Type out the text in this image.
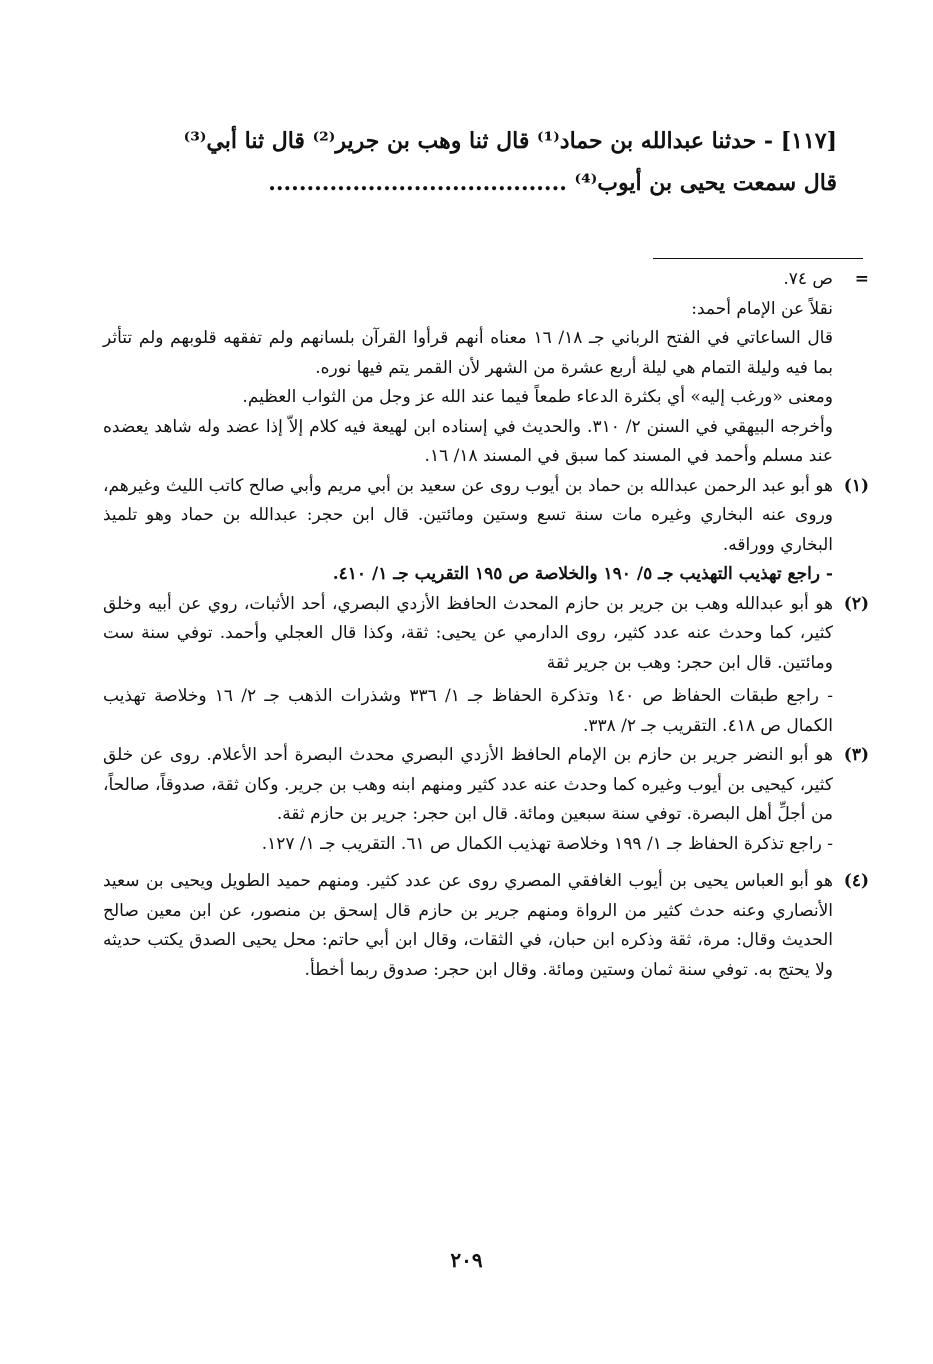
[١١٧] - حدثنا عبدالله بن حماد⁽¹⁾ قال ثنا وهب بن جرير⁽²⁾ قال ثنا أبي⁽³⁾
قال سمعت يحيى بن أيوب⁽⁴⁾ .......................................
=

ص ٧٤.

نقلاً عن الإمام أحمد:

قال الساعاتي في الفتح الرباني جـ ١٨/ ١٦ معناه أنهم قرأوا القرآن بلسانهم ولم تفقهه قلوبهم ولم تتأثر بما فيه وليلة التمام هي ليلة أربع عشرة من الشهر لأن القمر يتم فيها نوره.

ومعنى «ورغب إليه» أي بكثرة الدعاء طمعاً فيما عند الله عز وجل من الثواب العظيم.

وأخرجه البيهقي في السنن ٢/ ٣١٠. والحديث في إسناده ابن لهيعة فيه كلام إلاّ إذا عضد وله شاهد يعضده عند مسلم وأحمد في المسند كما سبق في المسند ١٨/ ١٦.

(١)

هو أبو عبد الرحمن عبدالله بن حماد بن أيوب روى عن سعيد بن أبي مريم وأبي صالح كاتب الليث وغيرهم، وروى عنه البخاري وغيره مات سنة تسع وستين ومائتين. قال ابن حجر: عبدالله بن حماد وهو تلميذ البخاري ووراقه.

- راجع تهذيب التهذيب جـ ٥/ ١٩٠ والخلاصة ص ١٩٥ التقريب جـ ١/ ٤١٠.

(٢)

هو أبو عبدالله وهب بن جرير بن حازم المحدث الحافظ الأزدي البصري، أحد الأثبات، روي عن أبيه وخلق كثير، كما وحدث عنه عدد كثير، روى الدارمي عن يحيى: ثقة، وكذا قال العجلي وأحمد. توفي سنة ست ومائتين. قال ابن حجر: وهب بن جرير ثقة

- راجع طبقات الحفاظ ص ١٤٠ وتذكرة الحفاظ جـ ١/ ٣٣٦ وشذرات الذهب جـ ٢/ ١٦ وخلاصة تهذيب الكمال ص ٤١٨. التقريب جـ ٢/ ٣٣٨.

(٣)

هو أبو النضر جرير بن حازم بن الإمام الحافظ الأزدي البصري محدث البصرة أحد الأعلام. روى عن خلق كثير، كيحيى بن أيوب وغيره كما وحدث عنه عدد كثير ومنهم ابنه وهب بن جرير. وكان ثقة، صدوقاً، صالحاً، من أجلِّ أهل البصرة. توفي سنة سبعين ومائة. قال ابن حجر: جرير بن حازم ثقة.

- راجع تذكرة الحفاظ جـ ١/ ١٩٩ وخلاصة تهذيب الكمال ص ٦١. التقريب جـ ١/ ١٢٧.

(٤)

هو أبو العباس يحيى بن أيوب الغافقي المصري روى عن عدد كثير. ومنهم حميد الطويل ويحيى بن سعيد الأنصاري وعنه حدث كثير من الرواة ومنهم جرير بن حازم قال إسحق بن منصور، عن ابن معين صالح الحديث وقال: مرة، ثقة وذكره ابن حبان، في الثقات، وقال ابن أبي حاتم: محل يحيى الصدق يكتب حديثه ولا يحتج به. توفي سنة ثمان وستين ومائة. وقال ابن حجر: صدوق ربما أخطأ.

٢٠٩
